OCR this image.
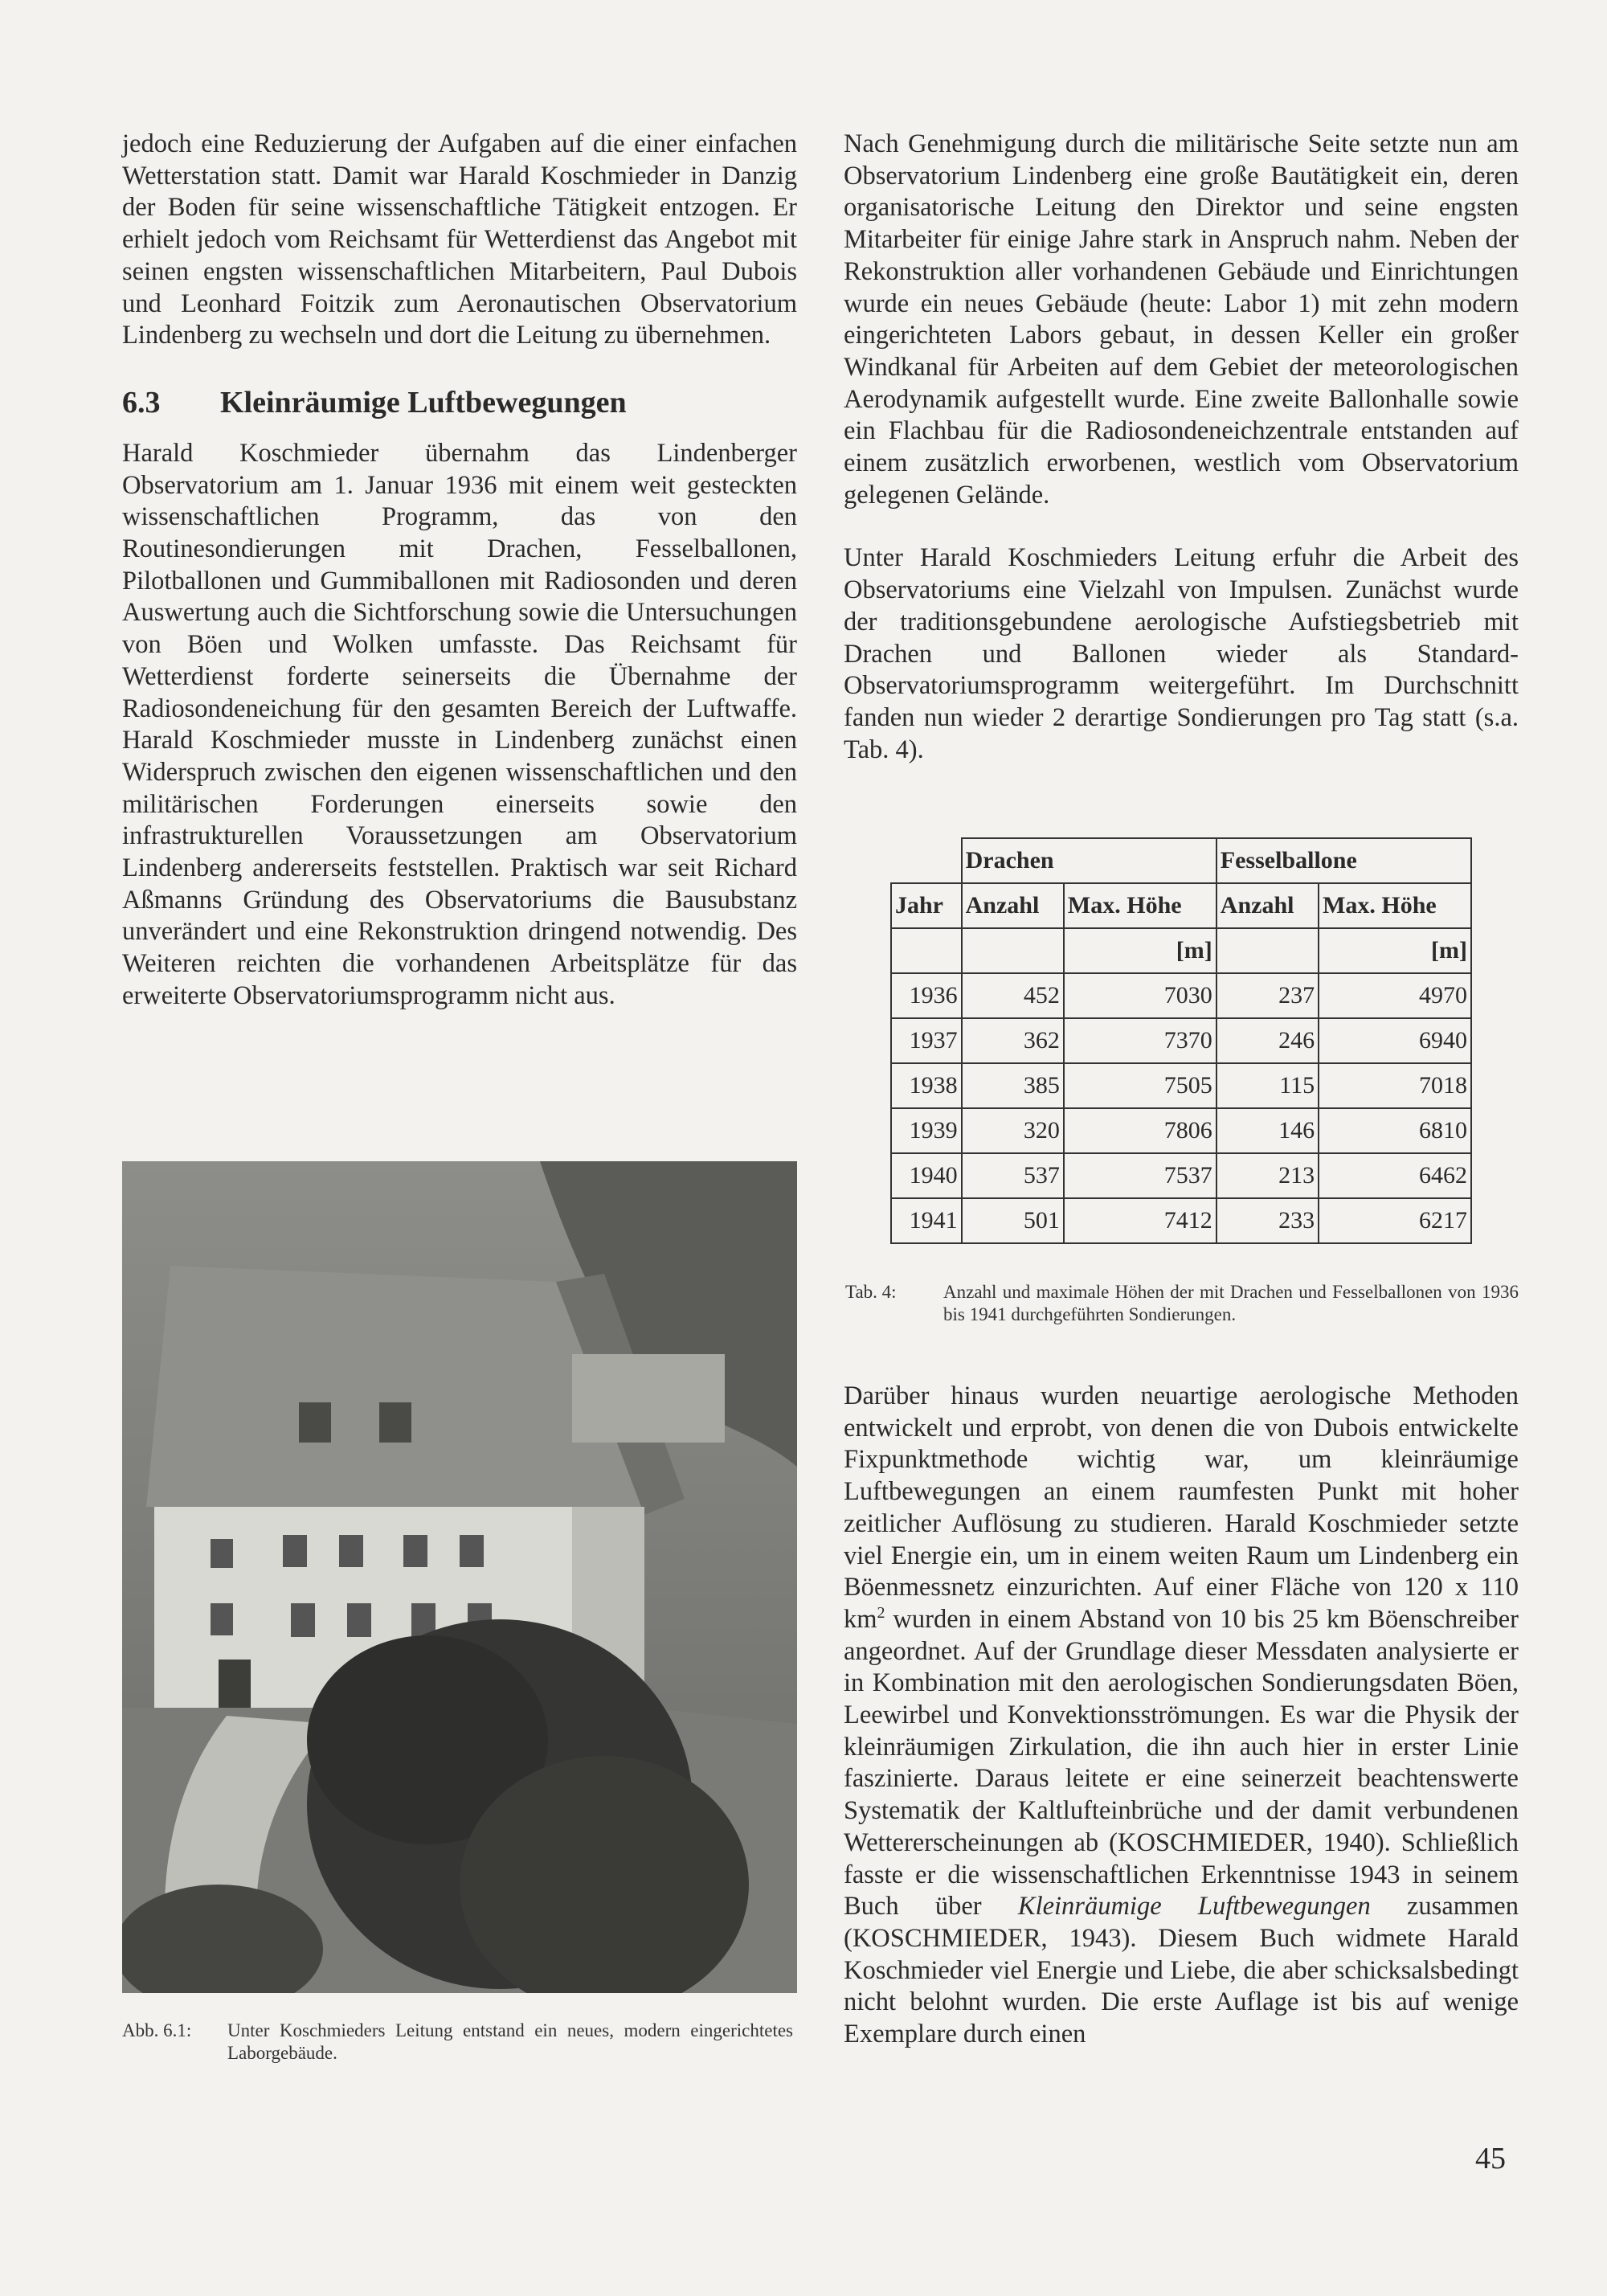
jedoch eine Reduzierung der Aufgaben auf die einer einfachen Wetterstation statt. Damit war Harald Koschmieder in Danzig der Boden für seine wissenschaftliche Tätigkeit entzogen. Er erhielt jedoch vom Reichsamt für Wetterdienst das Angebot mit seinen engsten wissenschaftlichen Mitarbeitern, Paul Dubois und Leonhard Foitzik zum Aeronautischen Observatorium Lindenberg zu wechseln und dort die Leitung zu übernehmen.

6.3 Kleinräumige Luftbewegungen

Harald Koschmieder übernahm das Lindenberger Observatorium am 1. Januar 1936 mit einem weit gesteckten wissenschaftlichen Programm, das von den Routinesondierungen mit Drachen, Fesselballonen, Pilotballonen und Gummiballonen mit Radiosonden und deren Auswertung auch die Sichtforschung sowie die Untersuchungen von Böen und Wolken umfasste. Das Reichsamt für Wetterdienst forderte seinerseits die Übernahme der Radiosondeneichung für den gesamten Bereich der Luftwaffe. Harald Koschmieder musste in Lindenberg zunächst einen Widerspruch zwischen den eigenen wissenschaftlichen und den militärischen Forderungen einerseits sowie den infrastrukturellen Voraussetzungen am Observatorium Lindenberg andererseits feststellen. Praktisch war seit Richard Aßmanns Gründung des Observatoriums die Bausubstanz unverändert und eine Rekonstruktion dringend notwendig. Des Weiteren reichten die vorhandenen Arbeitsplätze für das erweiterte Observatoriumsprogramm nicht aus.

Abb. 6.1: Unter Koschmieders Leitung entstand ein neues, modern eingerichtetes Laborgebäude.

Nach Genehmigung durch die militärische Seite setzte nun am Observatorium Lindenberg eine große Bautätigkeit ein, deren organisatorische Leitung den Direktor und seine engsten Mitarbeiter für einige Jahre stark in Anspruch nahm. Neben der Rekonstruktion aller vorhandenen Gebäude und Einrichtungen wurde ein neues Gebäude (heute: Labor 1) mit zehn modern eingerichteten Labors gebaut, in dessen Keller ein großer Windkanal für Arbeiten auf dem Gebiet der meteorologischen Aerodynamik aufgestellt wurde. Eine zweite Ballonhalle sowie ein Flachbau für die Radiosondeneichzentrale entstanden auf einem zusätzlich erworbenen, westlich vom Observatorium gelegenen Gelände.

Unter Harald Koschmieders Leitung erfuhr die Arbeit des Observatoriums eine Vielzahl von Impulsen. Zunächst wurde der traditionsgebundene aerologische Aufstiegsbetrieb mit Drachen und Ballonen wieder als Standard-Observatoriumsprogramm weitergeführt. Im Durchschnitt fanden nun wieder 2 derartige Sondierungen pro Tag statt (s.a. Tab. 4).

	Drachen		Fesselballone	
Jahr	Anzahl	Max. Höhe	Anzahl	Max. Höhe
		[m]		[m]
1936	452	7030	237	4970
1937	362	7370	246	6940
1938	385	7505	115	7018
1939	320	7806	146	6810
1940	537	7537	213	6462
1941	501	7412	233	6217
Tab. 4:	Anzahl und maximale Höhen der mit Drachen und Fesselballonen von 1936 bis 1941 durchgeführten Sondierungen.

Darüber hinaus wurden neuartige aerologische Methoden entwickelt und erprobt, von denen die von Dubois entwickelte Fixpunktmethode wichtig war, um kleinräumige Luftbewegungen an einem raumfesten Punkt mit hoher zeitlicher Auflösung zu studieren. Harald Koschmieder setzte viel Energie ein, um in einem weiten Raum um Lindenberg ein Böenmessnetz einzurichten. Auf einer Fläche von 120 x 110 $km^2$ wurden in einem Abstand von 10 bis 25 km Böenschreiber angeordnet. Auf der Grundlage dieser Messdaten analysierte er in Kombination mit den aerologischen Sondierungsdaten Böen, Leewirbel und Konvektionsströmungen. Es war die Physik der kleinräumigen Zirkulation, die ihn auch hier in erster Linie faszinierte. Daraus leitete er eine seinerzeit beachtenswerte Systematik der Kaltlufteinbrüche und der damit verbundenen Wettererscheinungen ab (KOSCHMIEDER, 1940). Schließlich fasste er die wissenschaftlichen Erkenntnisse 1943 in seinem Buch über Kleinräumige Luftbewegungen zusammen (KOSCHMIEDER, 1943). Diesem Buch widmete Harald Koschmieder viel Energie und Liebe, die aber schicksalsbedingt nicht belohnt wurden. Die erste Auflage ist bis auf wenige Exemplare durch einen

45
